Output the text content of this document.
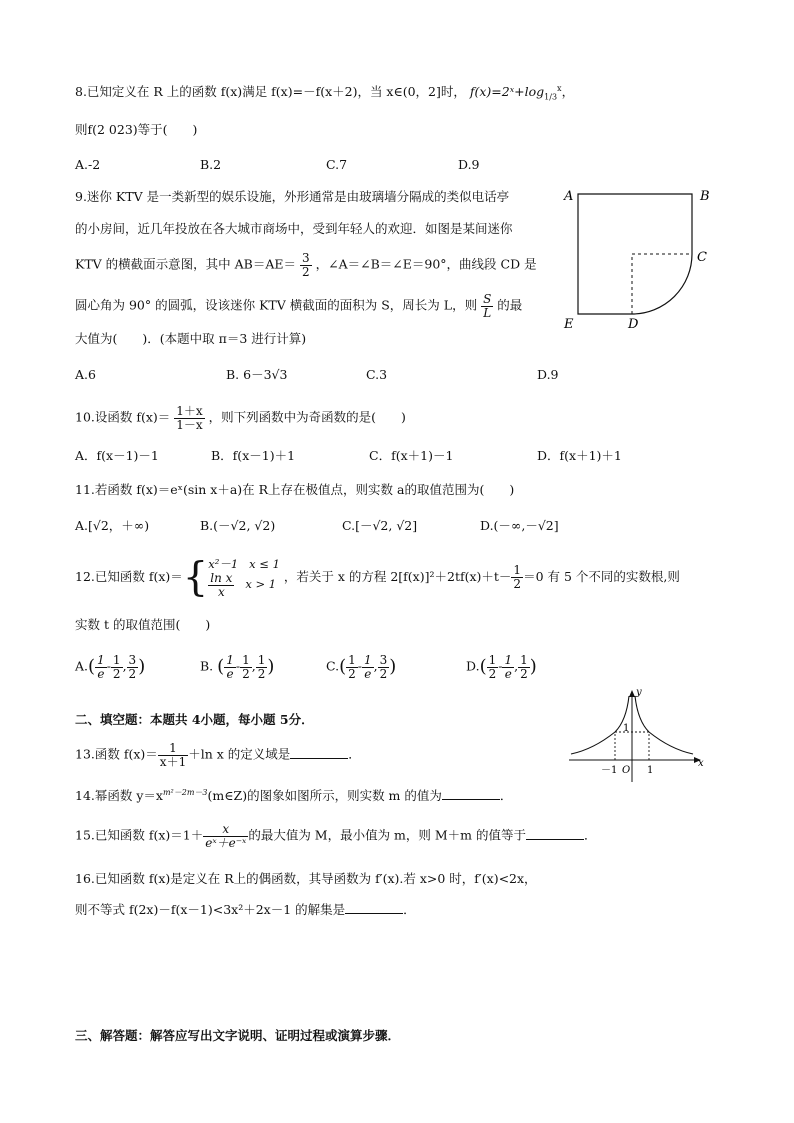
8.已知定义在 R 上的函数 f(x)满足 f(x)=－f(x＋2)，当 x∈(0，2]时， $f(x)=2ˣ+\log_{1/3}^x$，
则f(2 023)等于(　　)
A.-2	B.2	C.7	D.9
9.迷你 KTV 是一类新型的娱乐设施，外形通常是由玻璃墙分隔成的类似电话亭
的小房间，近几年投放在各大城市商场中，受到年轻人的欢迎．如图是某间迷你
KTV 的横截面示意图，其中 $AB=AE= \frac{3}{2}$ ，∠A＝∠B＝∠E＝90°，曲线段 CD 是
圆心角为 90° 的圆弧，设该迷你 KTV 横截面的面积为 S，周长为 L，则 $\frac{S}{L}$ 的最
大值为(　　)．(本题中取 π＝3 进行计算)
A.6	B. 6－3√3	C.3	D.9
A	B
C
D
E
10.设函数 $f(x)= \frac{1+x}{1-x}$ ，则下列函数中为奇函数的是(　　)
A．f(x－1)－1	B．f(x－1)＋1	C．f(x＋1)－1	D．f(x＋1)＋1
11.若函数 f(x)＝eˣ(sin x＋a)在 R上存在极值点，则实数 a的取值范围为(　　)
A.[√2，＋∞)	B.(－√2, √2)	C.[－√2, √2]	D.(－∞,－√2]
12.已知函数 f(x)＝{ x²－1 x ≤ 1
$\frac{\text{ln x}}{x}$ x > 1 ，若关于 x 的方程 $2[f(x)]^2+2tf(x)+t- \frac{1}{2} =0$ 有 5 个不同的实数根,则
实数 t 的取值范围(　　)
$A.( \frac{1}{e} - \frac{1}{2}$ , $\frac{3}{2}$ )	B. ( $\frac{1}{e} - \frac{1}{2}$ , $\frac{1}{2}$ )	$C.( \frac{1}{2} - \frac{1}{e}$ , $\frac{3}{2}$ )	$D.( \frac{1}{2} - \frac{1}{e}$ , $\frac{1}{2}$ )
二、填空题：本题共 4小题，每小题 5分．
13.函数 $f(x)= \frac{1}{x+1} +\ln$ x 的定义域是	．
14.幂函数 $y=x^{m^2-2m-3}(m\in Z)$的图象如图所示，则实数 m 的值为	．
y
x
1
－1 O 1
15.已知函数 $f(x)=1+ \frac{x}{\text{eˣ＋e⁻ˣ}}$ 的最大值为 M，最小值为 m，则 M＋m 的值等于	．
16.已知函数 f(x)是定义在 R上的偶函数，其导函数为 f′(x).若 x>0 时，f′(x)<2x，
则不等式 f(2x)－f(x－1)<3x²＋2x－1 的解集是	．
三、解答题：解答应写出文字说明、证明过程或演算步骤．
